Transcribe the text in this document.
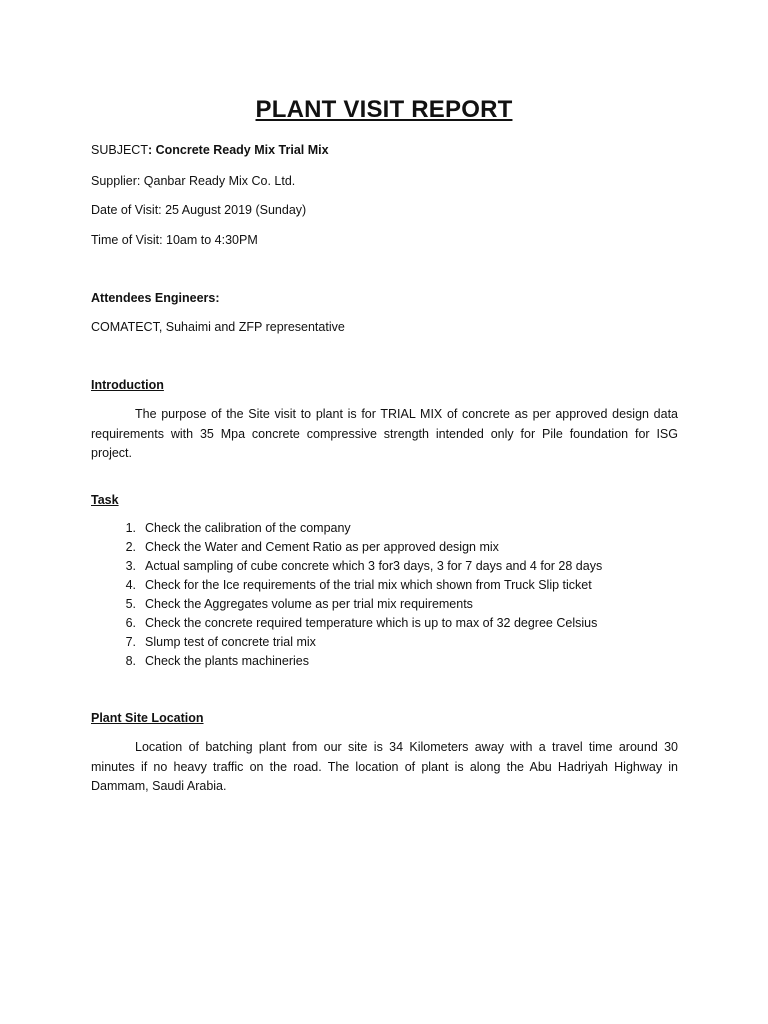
PLANT VISIT REPORT
SUBJECT: Concrete Ready Mix Trial Mix
Supplier: Qanbar Ready Mix Co. Ltd.
Date of Visit: 25 August 2019 (Sunday)
Time of Visit: 10am to 4:30PM
Attendees Engineers:
COMATECT, Suhaimi and ZFP representative
Introduction
The purpose of the Site visit to plant is for TRIAL MIX of concrete as per approved design data requirements with 35 Mpa concrete compressive strength intended only for Pile foundation for ISG project.
Task
1. Check the calibration of the company
2. Check the Water and Cement Ratio as per approved design mix
3. Actual sampling of cube concrete which 3 for3 days, 3 for 7 days and 4 for 28 days
4. Check for the Ice requirements of the trial mix which shown from Truck Slip ticket
5. Check the Aggregates volume as per trial mix requirements
6. Check the concrete required temperature which is up to max of 32 degree Celsius
7. Slump test of concrete trial mix
8. Check the plants machineries
Plant Site Location
Location of batching plant from our site is 34 Kilometers away with a travel time around 30 minutes if no heavy traffic on the road. The location of plant is along the Abu Hadriyah Highway in Dammam, Saudi Arabia.
